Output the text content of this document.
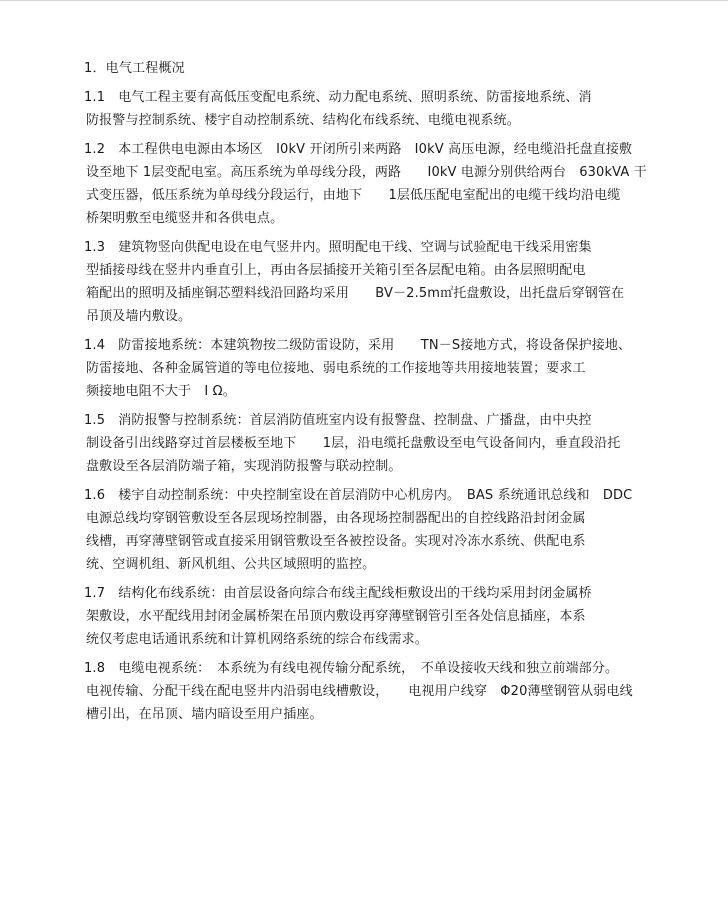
1．电气工程概况
1.1　电气工程主要有高低压变配电系统、动力配电系统、照明系统、防雷接地系统、消
防报警与控制系统、楼宇自动控制系统、结构化布线系统、电缆电视系统。
1.2　本工程供电电源由本场区　I0kV 开闭所引来两路　I0kV 高压电源，经电缆沿托盘直接敷
设至地下 1层变配电室。高压系统为单母线分段，两路　　I0kV 电源分别供给两台　630kVA 干
式变压器，低压系统为单母线分段运行，由地下　　1层低压配电室配出的电缆干线均沿电缆
桥架明敷至电缆竖井和各供电点。
1.3　建筑物竖向供配电设在电气竖井内。照明配电干线、空调与试验配电干线采用密集
型插接母线在竖井内垂直引上，再由各层插接开关箱引至各层配电箱。由各层照明配电
箱配出的照明及插座铜芯塑料线沿回路均采用　　BV－2.5m㎡托盘敷设，出托盘后穿钢管在
吊顶及墙内敷设。
1.4　防雷接地系统：本建筑物按二级防雷设防，采用　　TN－S接地方式，将设备保护接地、
防雷接地、各种金属管道的等电位接地、弱电系统的工作接地等共用接地装置；要求工
频接地电阻不大于　I Ω。
1.5　消防报警与控制系统：首层消防值班室内设有报警盘、控制盘、广播盘，由中央控
制设备引出线路穿过首层楼板至地下　　1层，沿电缆托盘敷设至电气设备间内，垂直段沿托
盘敷设至各层消防端子箱，实现消防报警与联动控制。
1.6　楼宇自动控制系统：中央控制室设在首层消防中心机房内。　BAS 系统通讯总线和　DDC
电源总线均穿钢管敷设至各层现场控制器，由各现场控制器配出的自控线路沿封闭金属
线槽，再穿薄壁钢管或直接采用钢管敷设至各被控设备。实现对冷冻水系统、供配电系
统、空调机组、新风机组、公共区域照明的监控。
1.7　结构化布线系统：由首层设备向综合布线主配线柜敷设出的干线均采用封闭金属桥
架敷设，水平配线用封闭金属桥架在吊顶内敷设再穿薄壁钢管引至各处信息插座，本系
统仅考虑电话通讯系统和计算机网络系统的综合布线需求。
1.8　电缆电视系统：　本系统为有线电视传输分配系统，　不单设接收天线和独立前端部分。
电视传输、分配干线在配电竖井内沿弱电线槽敷设，　　电视用户线穿　Φ20薄壁钢管从弱电线
槽引出，在吊顶、墙内暗设至用户插座。
